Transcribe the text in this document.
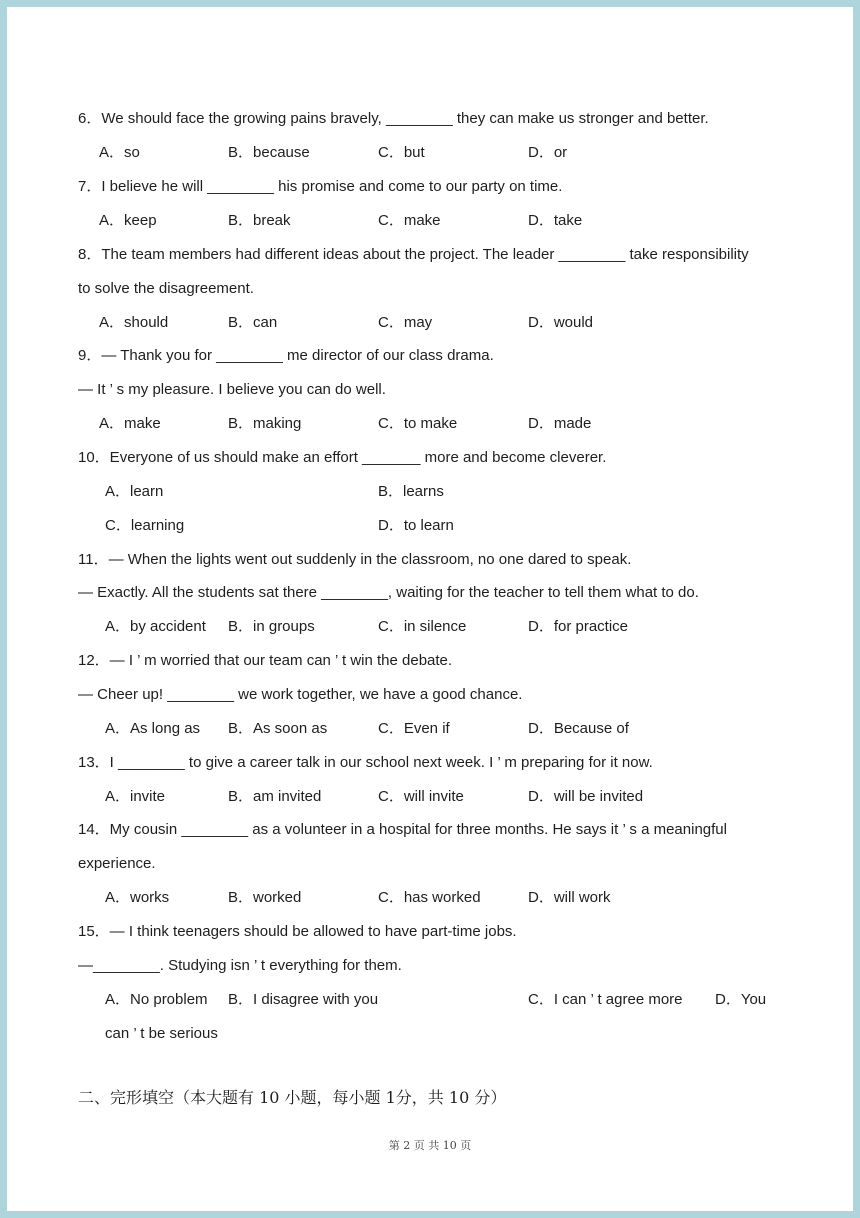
6．We should face the growing pains bravely, ________ they can make us stronger and better.
A．so	B．because	C．but	D．or
7．I believe he will ________ his promise and come to our party on time.
A．keep	B．break	C．make	D．take
8．The team members had different ideas about the project. The leader ________ take responsibility
to solve the disagreement.
A．should	B．can	C．may	D．would
9．— Thank you for ________ me director of our class drama.
— It ’ s my pleasure. I believe you can do well.
A．make	B．making	C．to make	D．made
10．Everyone of us should make an effort _______ more and become cleverer.
A．learn	B．learns
C．learning	D．to learn
11．— When the lights went out suddenly in the classroom, no one dared to speak.
— Exactly. All the students sat there ________, waiting for the teacher to tell them what to do.
A．by accident B．in groups	C．in silence	D．for practice
12．— I ’ m worried that our team can ’ t win the debate.
— Cheer up! ________ we work together, we have a good chance.
A．As long as B．As soon as	C．Even if	D．Because of
13．I ________ to give a career talk in our school next week. I ’ m preparing for it now.
A．invite	B．am invited	C．will invite	D．will be invited
14．My cousin ________ as a volunteer in a hospital for three months. He says it ’ s a meaningful
experience.
A．works	B．worked	C．has worked	D．will work
15．— I think teenagers should be allowed to have part-time jobs.
—________. Studying isn ’ t everything for them.
A．No problem B．I disagree with you	C．I can ’ t agree more D．You
can ’ t be serious
二、完形填空（本大题有 10 小题，每小题 1分，共 10 分）
第 2 页 共 10 页
